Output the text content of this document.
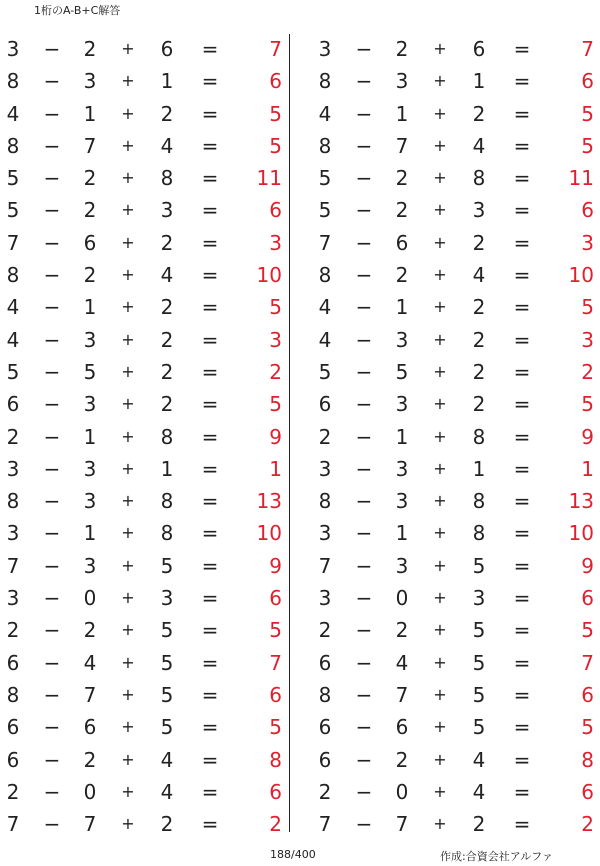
1桁のA-B+C解答
3 − 2	+ 6 =	7
8 − 3	+ 1 =	6
4 − 1	+ 2 =	5
8 − 7	+ 4 =	5
5 − 2	+ 8 =	11
5 − 2	+ 3 =	6
7 − 6	+ 2 =	3
8 − 2	+ 4 =	10
4 − 1	+ 2 =	5
4 − 3	+ 2 =	3
5 − 5	+ 2 =	2
6 − 3	+ 2 =	5
2 − 1	+ 8 =	9
3 − 3	+ 1 =	1
8 − 3	+ 8 =	13
3 − 1	+ 8 =	10
7 − 3	+ 5 =	9
3 − 0	+ 3 =	6
2 − 2	+ 5 =	5
6 − 4	+ 5 =	7
8 − 7	+ 5 =	6
6 − 6	+ 5 =	5
6 − 2	+ 4 =	8
2 − 0	+ 4 =	6
7 − 7	+ 2 =	2
3 − 2	+ 6 =	7
8 − 3	+ 1 =	6
4 − 1	+ 2 =	5
8 − 7	+ 4 =	5
5 − 2	+ 8 =	11
5 − 2	+ 3 =	6
7 − 6	+ 2 =	3
8 − 2	+ 4 =	10
4 − 1	+ 2 =	5
4 − 3	+ 2 =	3
5 − 5	+ 2 =	2
6 − 3	+ 2 =	5
2 − 1	+ 8 =	9
3 − 3	+ 1 =	1
8 − 3	+ 8 =	13
3 − 1	+ 8 =	10
7 − 3	+ 5 =	9
3 − 0	+ 3 =	6
2 − 2	+ 5 =	5
6 − 4	+ 5 =	7
8 − 7	+ 5 =	6
6 − 6	+ 5 =	5
6 − 2	+ 4 =	8
2 − 0	+ 4 =	6
7 − 7	+ 2 =	2
188/400	作成:合資会社アルファ
